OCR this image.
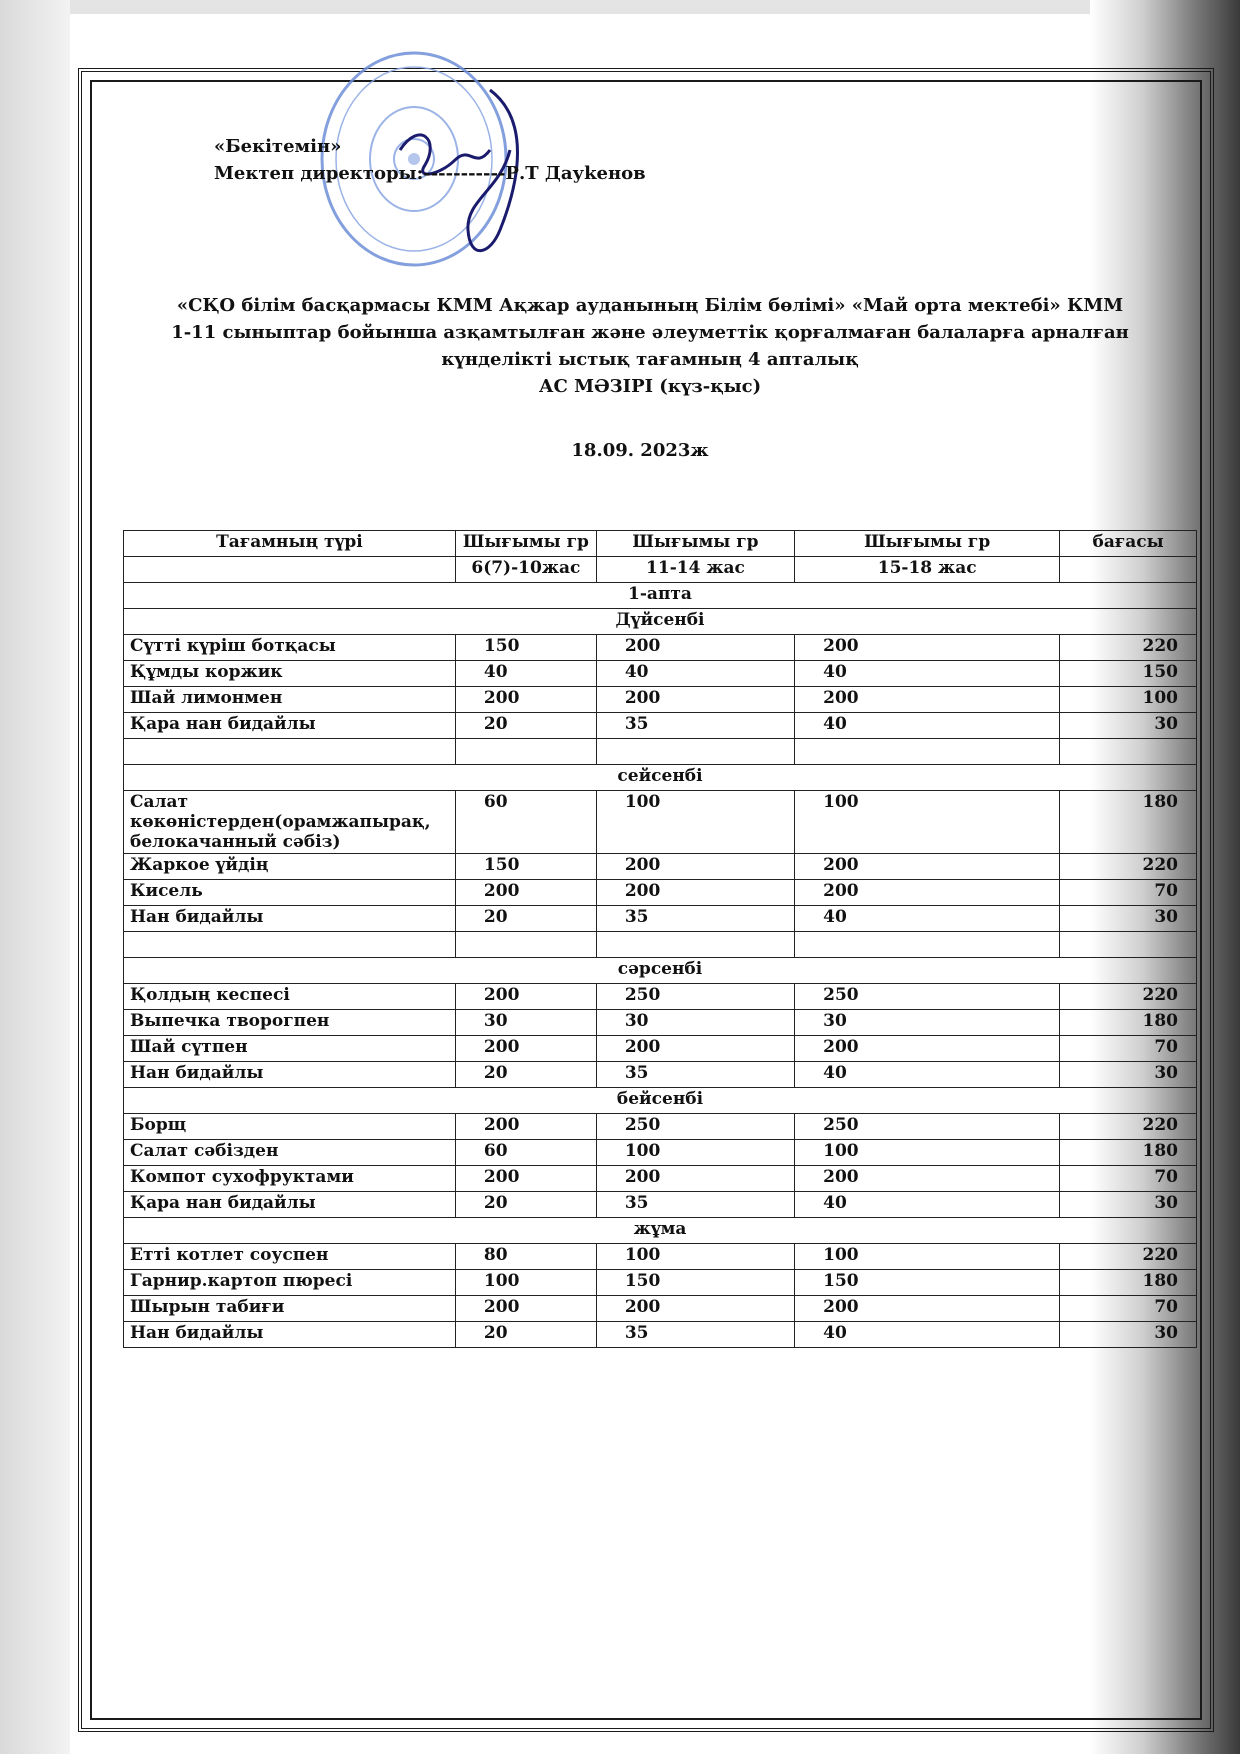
«Бекітемін»
Мектеп директоры:-----------Р.Т Дауkенов
«СҚО білім басқармасы КММ Ақжар ауданының Білім бөлімі» «Май орта мектебі» КММ
1-11 сыныптар бойынша азқамтылған және әлеуметтік қорғалмаған балаларға арналған
күнделікті ыстық тағамның 4 апталық
АС МӘЗІРІ (күз-қыс)
18.09. 2023ж
Тағамның түрі	Шығымы гр	Шығымы гр	Шығымы гр	бағасы
	6(7)-10жас	11-14 жас	15-18 жас	
1-апта				
Дүйсенбі				
Сүтті күріш ботқасы	150	200	200	220
Құмды коржик	40	40	40	150
Шай лимонмен	200	200	200	100
Қара нан бидайлы	20	35	40	30

сейсенбі				
Салат көкөністерден(орамжапырақ, белокачанный сәбіз)	60	100	100	180
Жаркое үйдің	150	200	200	220
Кисель	200	200	200	70
Нан бидайлы	20	35	40	30

сәрсенбі				
Қолдың кеспесі	200	250	250	220
Выпечка творогпен	30	30	30	180
Шай сүтпен	200	200	200	70
Нан бидайлы	20	35	40	30
бейсенбі				
Борщ	200	250	250	220
Салат сәбізден	60	100	100	180
Компот сухофруктами	200	200	200	70
Қара нан бидайлы	20	35	40	30
жұма				
Етті котлет соуспен	80	100	100	220
Гарнир.картоп пюресі	100	150	150	180
Шырын табиғи	200	200	200	70
Нан бидайлы	20	35	40	30
